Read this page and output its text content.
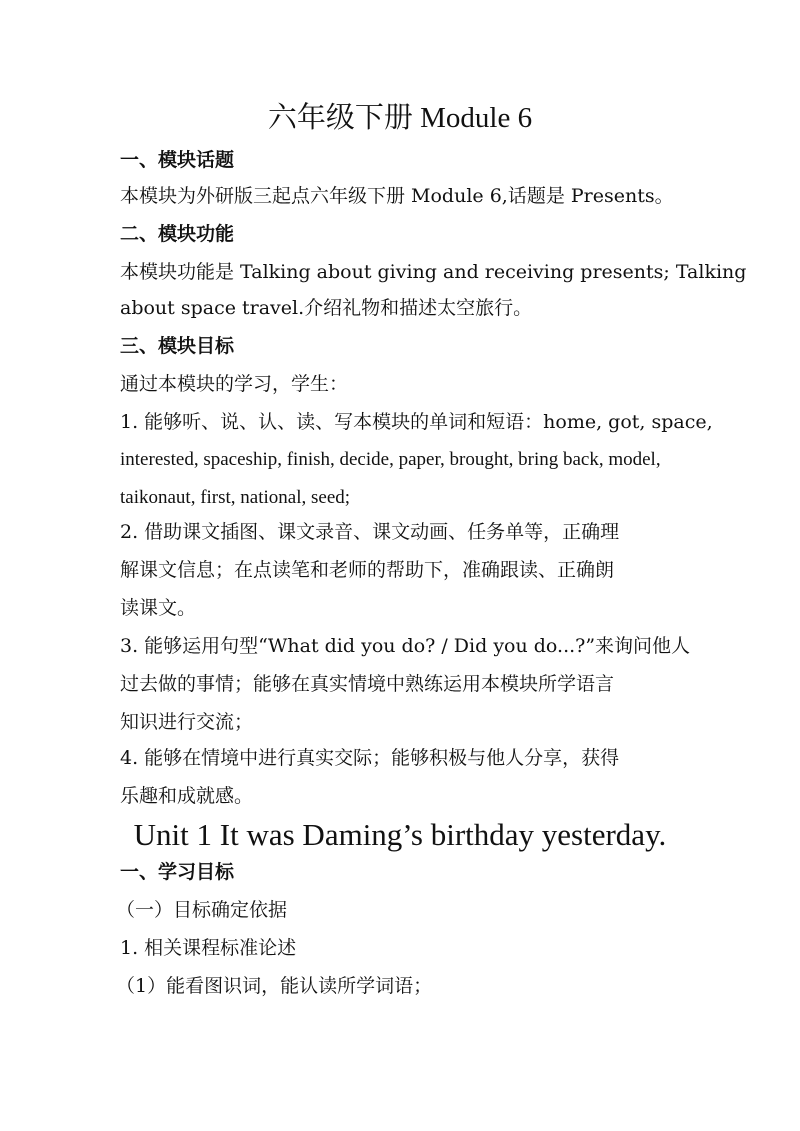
六年级下册 Module 6
一、模块话题
本模块为外研版三起点六年级下册 Module 6,话题是 Presents。
二、模块功能
本模块功能是 Talking about giving and receiving presents; Talking
about space travel.介绍礼物和描述太空旅行。
三、模块目标
通过本模块的学习，学生：
1. 能够听、说、认、读、写本模块的单词和短语：home, got, space,
interested, spaceship, finish, decide, paper, brought, bring back, model,
taikonaut, first, national, seed;
2. 借助课文插图、课文录音、课文动画、任务单等，正确理
解课文信息；在点读笔和老师的帮助下，准确跟读、正确朗
读课文。
3. 能够运用句型“What did you do? / Did you do...?”来询问他人
过去做的事情；能够在真实情境中熟练运用本模块所学语言
知识进行交流；
4. 能够在情境中进行真实交际；能够积极与他人分享，获得
乐趣和成就感。
Unit 1 It was Daming’s birthday yesterday.
一、学习目标
（一）目标确定依据
1. 相关课程标准论述
（1）能看图识词，能认读所学词语；
